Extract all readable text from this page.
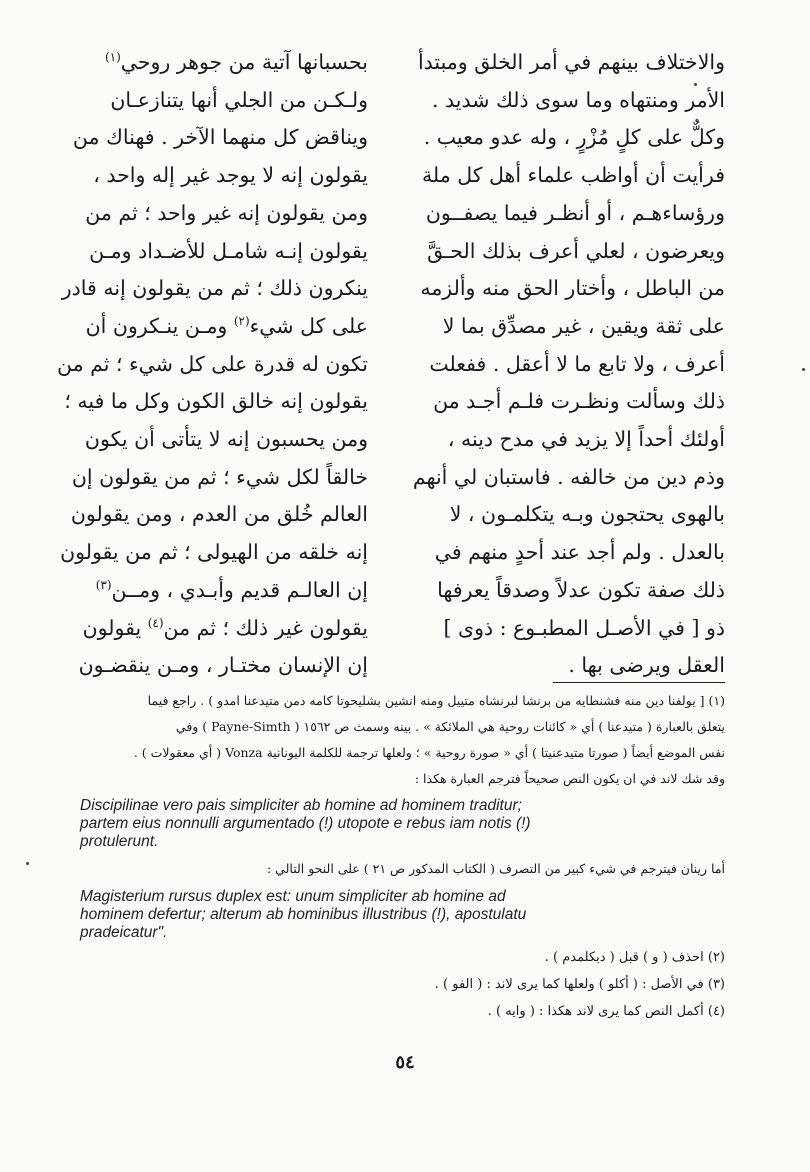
والاختلاف بينهم في أمر الخلق ومبتدأ
الأمر ومنتهاه وما سوى ذلك شديد .
وكلٌّ على كلٍ مُزْرٍ ، وله عدو معيب .
فرأيت أن أواظب علماء أهل كل ملة
ورؤساءهـم ، أو أنظـر فيما يصفــون
ويعرضون ، لعلي أعرف بذلك الحـقَّ
من الباطل ، وأختار الحق منه وألزمه
على ثقة ويقين ، غير مصدِّق بما لا
أعرف ، ولا تابع ما لا أعقل . ففعلت
ذلك وسألت ونظـرت فلـم أجـد من
أولئك أحداً إلا يزيد في مدح دينه ،
وذم دين من خالفه . فاستبان لي أنهم
بالهوى يحتجون وبـه يتكلمـون ، لا
بالعدل . ولم أجد عند أحدٍ منهم في
ذلك صفة تكون عدلاً وصدقاً يعرفها
ذو [ في الأصـل المطبـوع : ذوى ]
العقل ويرضى بها .
بحسبانها آتية من جوهر روحي$^{(١)}$
ولـكـن من الجلي أنها يتنازعـان
ويناقض كل منهما الآخر . فهناك من
يقولون إنه لا يوجد غير إله واحد ،
ومن يقولون إنه غير واحد ؛ ثم من
يقولون إنـه شامـل للأضـداد ومـن
ينكرون ذلك ؛ ثم من يقولون إنه قادر
على كل شيء$^{(٢)}$ ومـن ينـكرون أن
تكون له قدرة على كل شيء ؛ ثم من
يقولون إنه خالق الكون وكل ما فيه ؛
ومن يحسبون إنه لا يتأتى أن يكون
خالقاً لكل شيء ؛ ثم من يقولون إن
العالم خُلق من العدم ، ومن يقولون
إنه خلقه من الهيولى ؛ ثم من يقولون
إن العالـم قديم وأبـدي ، ومــن$^{(٣)}$
يقولون غير ذلك ؛ ثم من$^{(٤)}$ يقولون
إن الإنسان مختـار ، ومـن ينقضـون
(١) [ يولفنا دين منه فشنطايه من برنشا لبرنشاه متييل ومنه انشين بشليحوتا كامه دمن متيدعنا امدو ) . راجع فيما
يتعلق بالعبارة ( متيدعنا ) أي « كائنات روحية هي الملائكة » . بينه وسمث ص ١٥٦٢ ( Payne-Simth ) وفي
نفس الموضع أيضاً ( صورتا متيدعنيتا ) أي « صورة روحية » ؛ ولعلها ترجمة للكلمة اليونانية Vonza ( أي معقولات ) .
وقد شك لاند في ان يكون النص صحيحاً فترجم العبارة هكذا :
Discipilinae vero pais simpliciter ab homine ad hominem traditur;
partem eius nonnulli argumentado (!) utopote e rebus iam notis (!)
protulerunt.
أما رينان فيترجم في شيء كبير من التصرف ( الكتاب المذكور ص ٢١ ) على النحو التالي :
Magisterium rursus duplex est: unum simpliciter ab homine ad
hominem defertur; alterum ab hominibus illustribus (!), apostulatu
pradeicatur".
(٢) احذف ( و ) قبل ( دبكلمدم ) .
(٣) في الأصل : ( أكلو ) ولعلها كما يرى لاند : ( الفو ) .
(٤) أكمل النص كما يرى لاند هكذا : ( وايه ) .
٥٤
